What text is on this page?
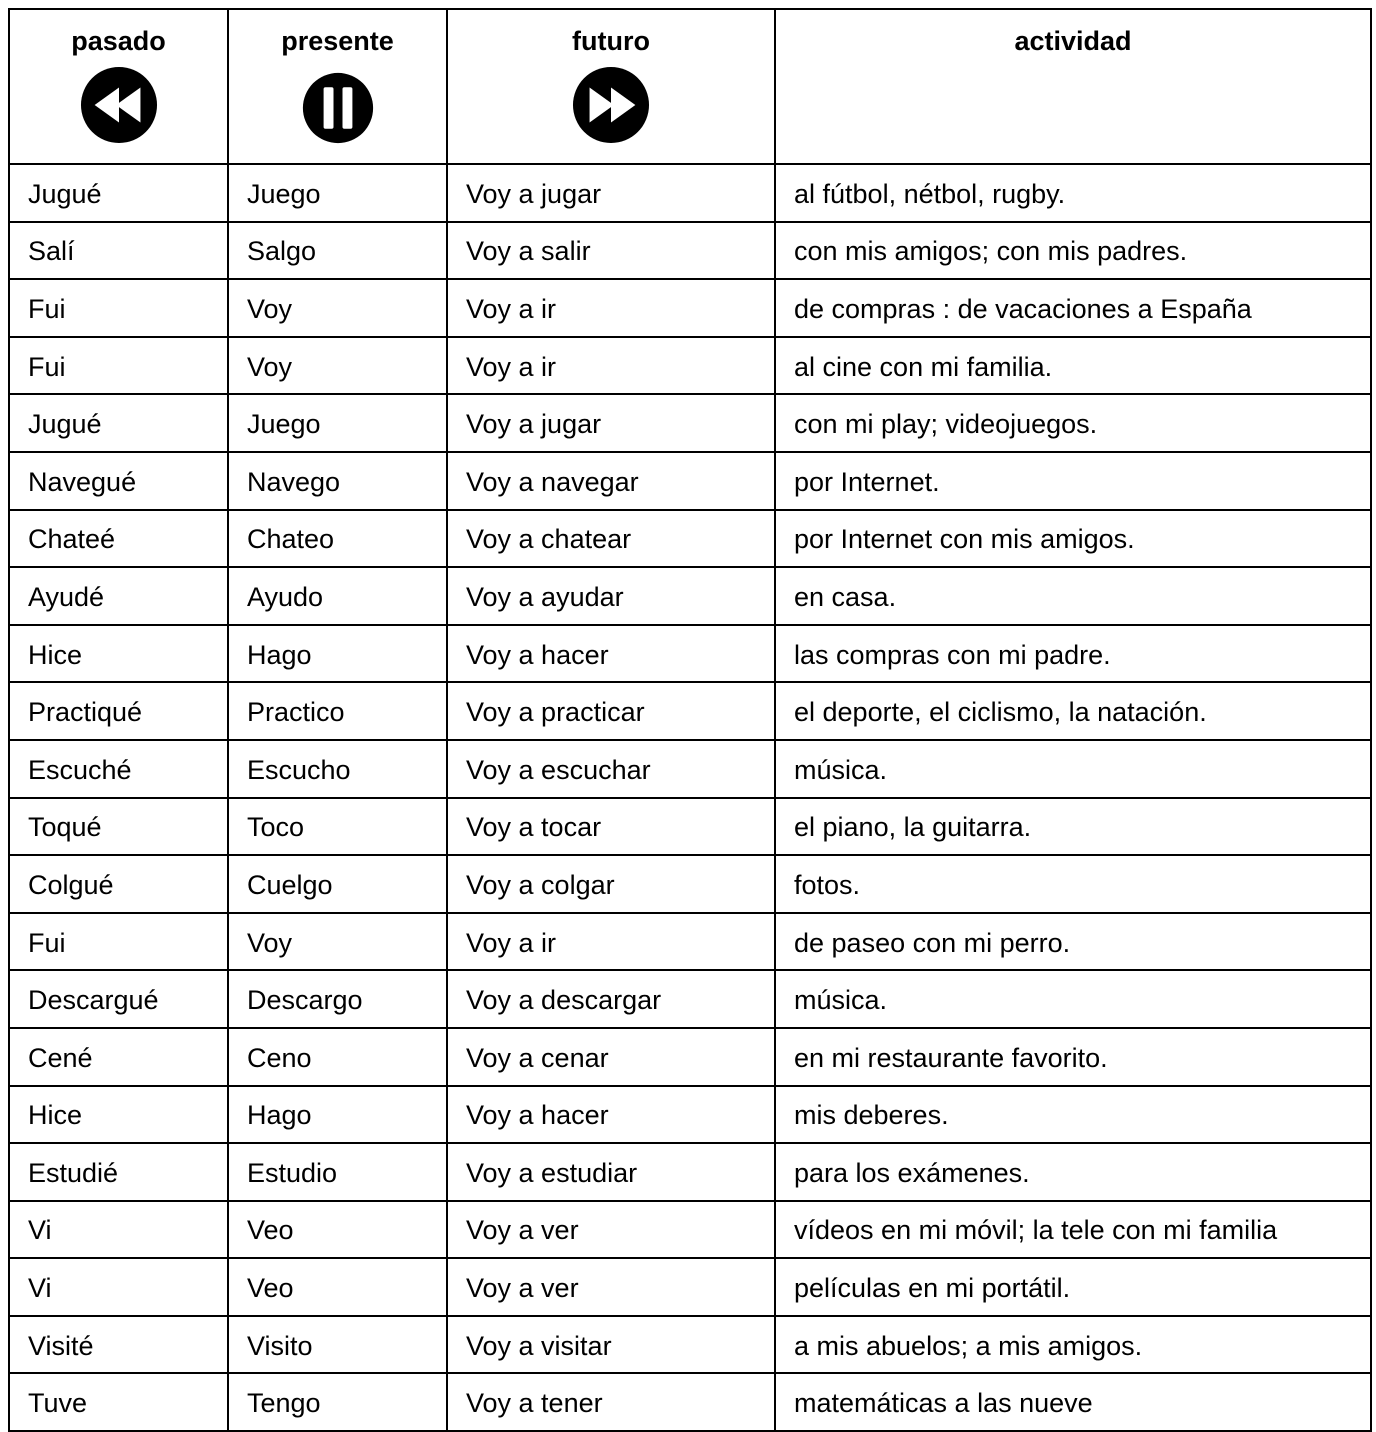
pasado	presente	futuro	actividad

Jugué	Juego	Voy a jugar	al fútbol, nétbol, rugby.
Salí	Salgo	Voy a salir	con mis amigos; con mis padres.
Fui	Voy	Voy a ir	de compras : de vacaciones a España
Fui	Voy	Voy a ir	al cine con mi familia.
Jugué	Juego	Voy a jugar	con mi play; videojuegos.
Navegué	Navego	Voy a navegar	por Internet.
Chateé	Chateo	Voy a chatear	por Internet con mis amigos.
Ayudé	Ayudo	Voy a ayudar	en casa.
Hice	Hago	Voy a hacer	las compras con mi padre.
Practiqué	Practico	Voy a practicar	el deporte, el ciclismo, la natación.
Escuché	Escucho	Voy a escuchar	música.
Toqué	Toco	Voy a tocar	el piano, la guitarra.
Colgué	Cuelgo	Voy a colgar	fotos.
Fui	Voy	Voy a ir	de paseo con mi perro.
Descargué	Descargo	Voy a descargar	música.
Cené	Ceno	Voy a cenar	en mi restaurante favorito.
Hice	Hago	Voy a hacer	mis deberes.
Estudié	Estudio	Voy a estudiar	para los exámenes.
Vi	Veo	Voy a ver	vídeos en mi móvil; la tele con mi familia
Vi	Veo	Voy a ver	películas en mi portátil.
Visité	Visito	Voy a visitar	a mis abuelos; a mis amigos.
Tuve	Tengo	Voy a tener	matemáticas a las nueve
